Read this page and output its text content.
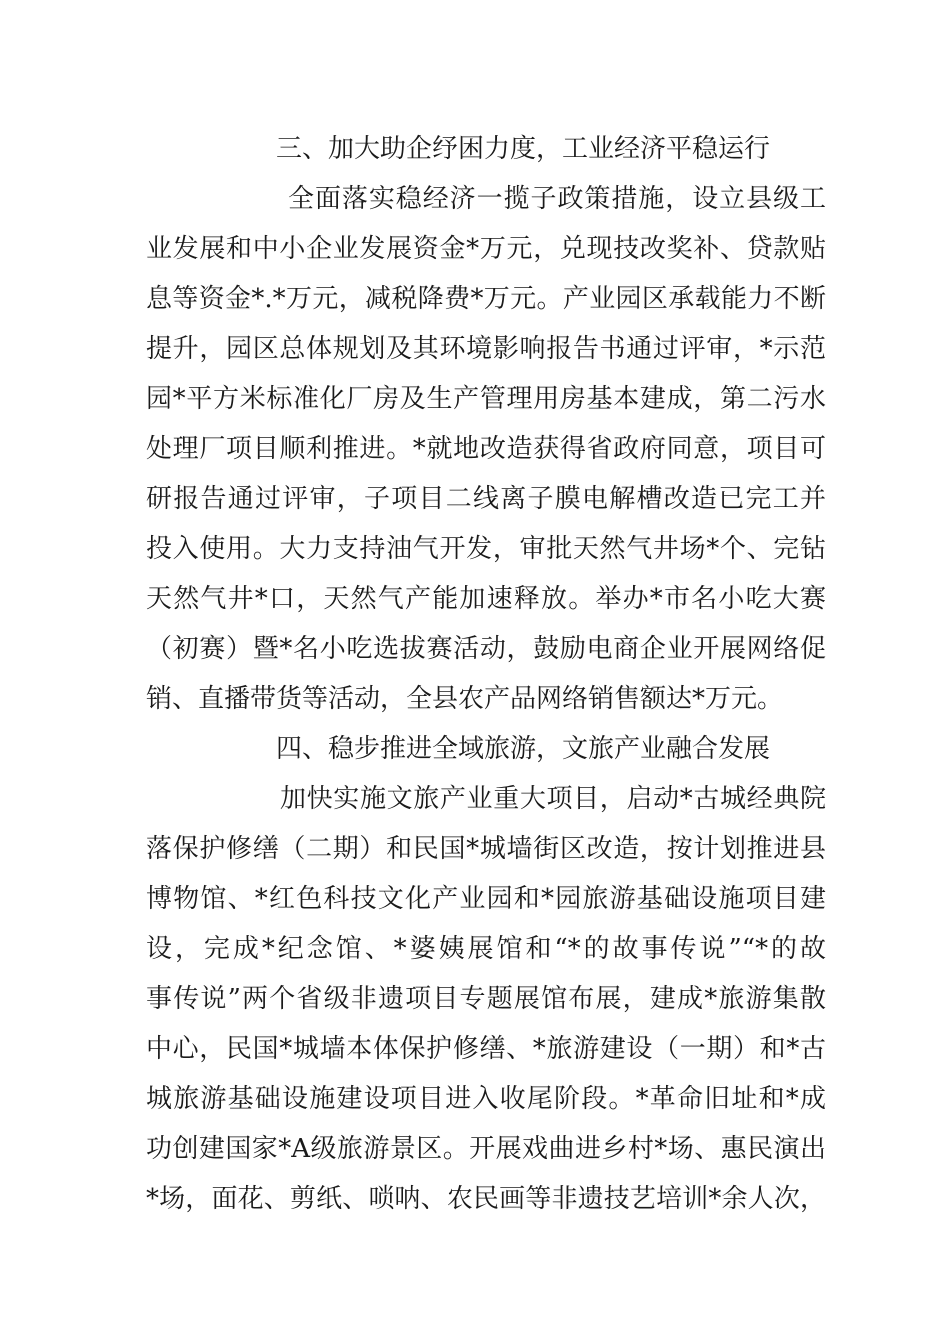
三、加大助企纾困力度，工业经济平稳运行
全面落实稳经济一揽子政策措施，设立县级工
业发展和中小企业发展资金*万元，兑现技改奖补、贷款贴
息等资金*.*万元，减税降费*万元。产业园区承载能力不断
提升，园区总体规划及其环境影响报告书通过评审，*示范
园*平方米标准化厂房及生产管理用房基本建成，第二污水
处理厂项目顺利推进。*就地改造获得省政府同意，项目可
研报告通过评审，子项目二线离子膜电解槽改造已完工并
投入使用。大力支持油气开发，审批天然气井场*个、完钻
天然气井*口，天然气产能加速释放。举办*市名小吃大赛
（初赛）暨*名小吃选拔赛活动，鼓励电商企业开展网络促
销、直播带货等活动，全县农产品网络销售额达*万元。
四、稳步推进全域旅游，文旅产业融合发展
加快实施文旅产业重大项目，启动*古城经典院
落保护修缮（二期）和民国*城墙街区改造，按计划推进县
博物馆、*红色科技文化产业园和*园旅游基础设施项目建
设，完成*纪念馆、*婆姨展馆和“*的故事传说”“*的故
事传说”两个省级非遗项目专题展馆布展，建成*旅游集散
中心，民国*城墙本体保护修缮、*旅游建设（一期）和*古
城旅游基础设施建设项目进入收尾阶段。*革命旧址和*成
功创建国家*A级旅游景区。开展戏曲进乡村*场、惠民演出
*场，面花、剪纸、唢呐、农民画等非遗技艺培训*余人次，
